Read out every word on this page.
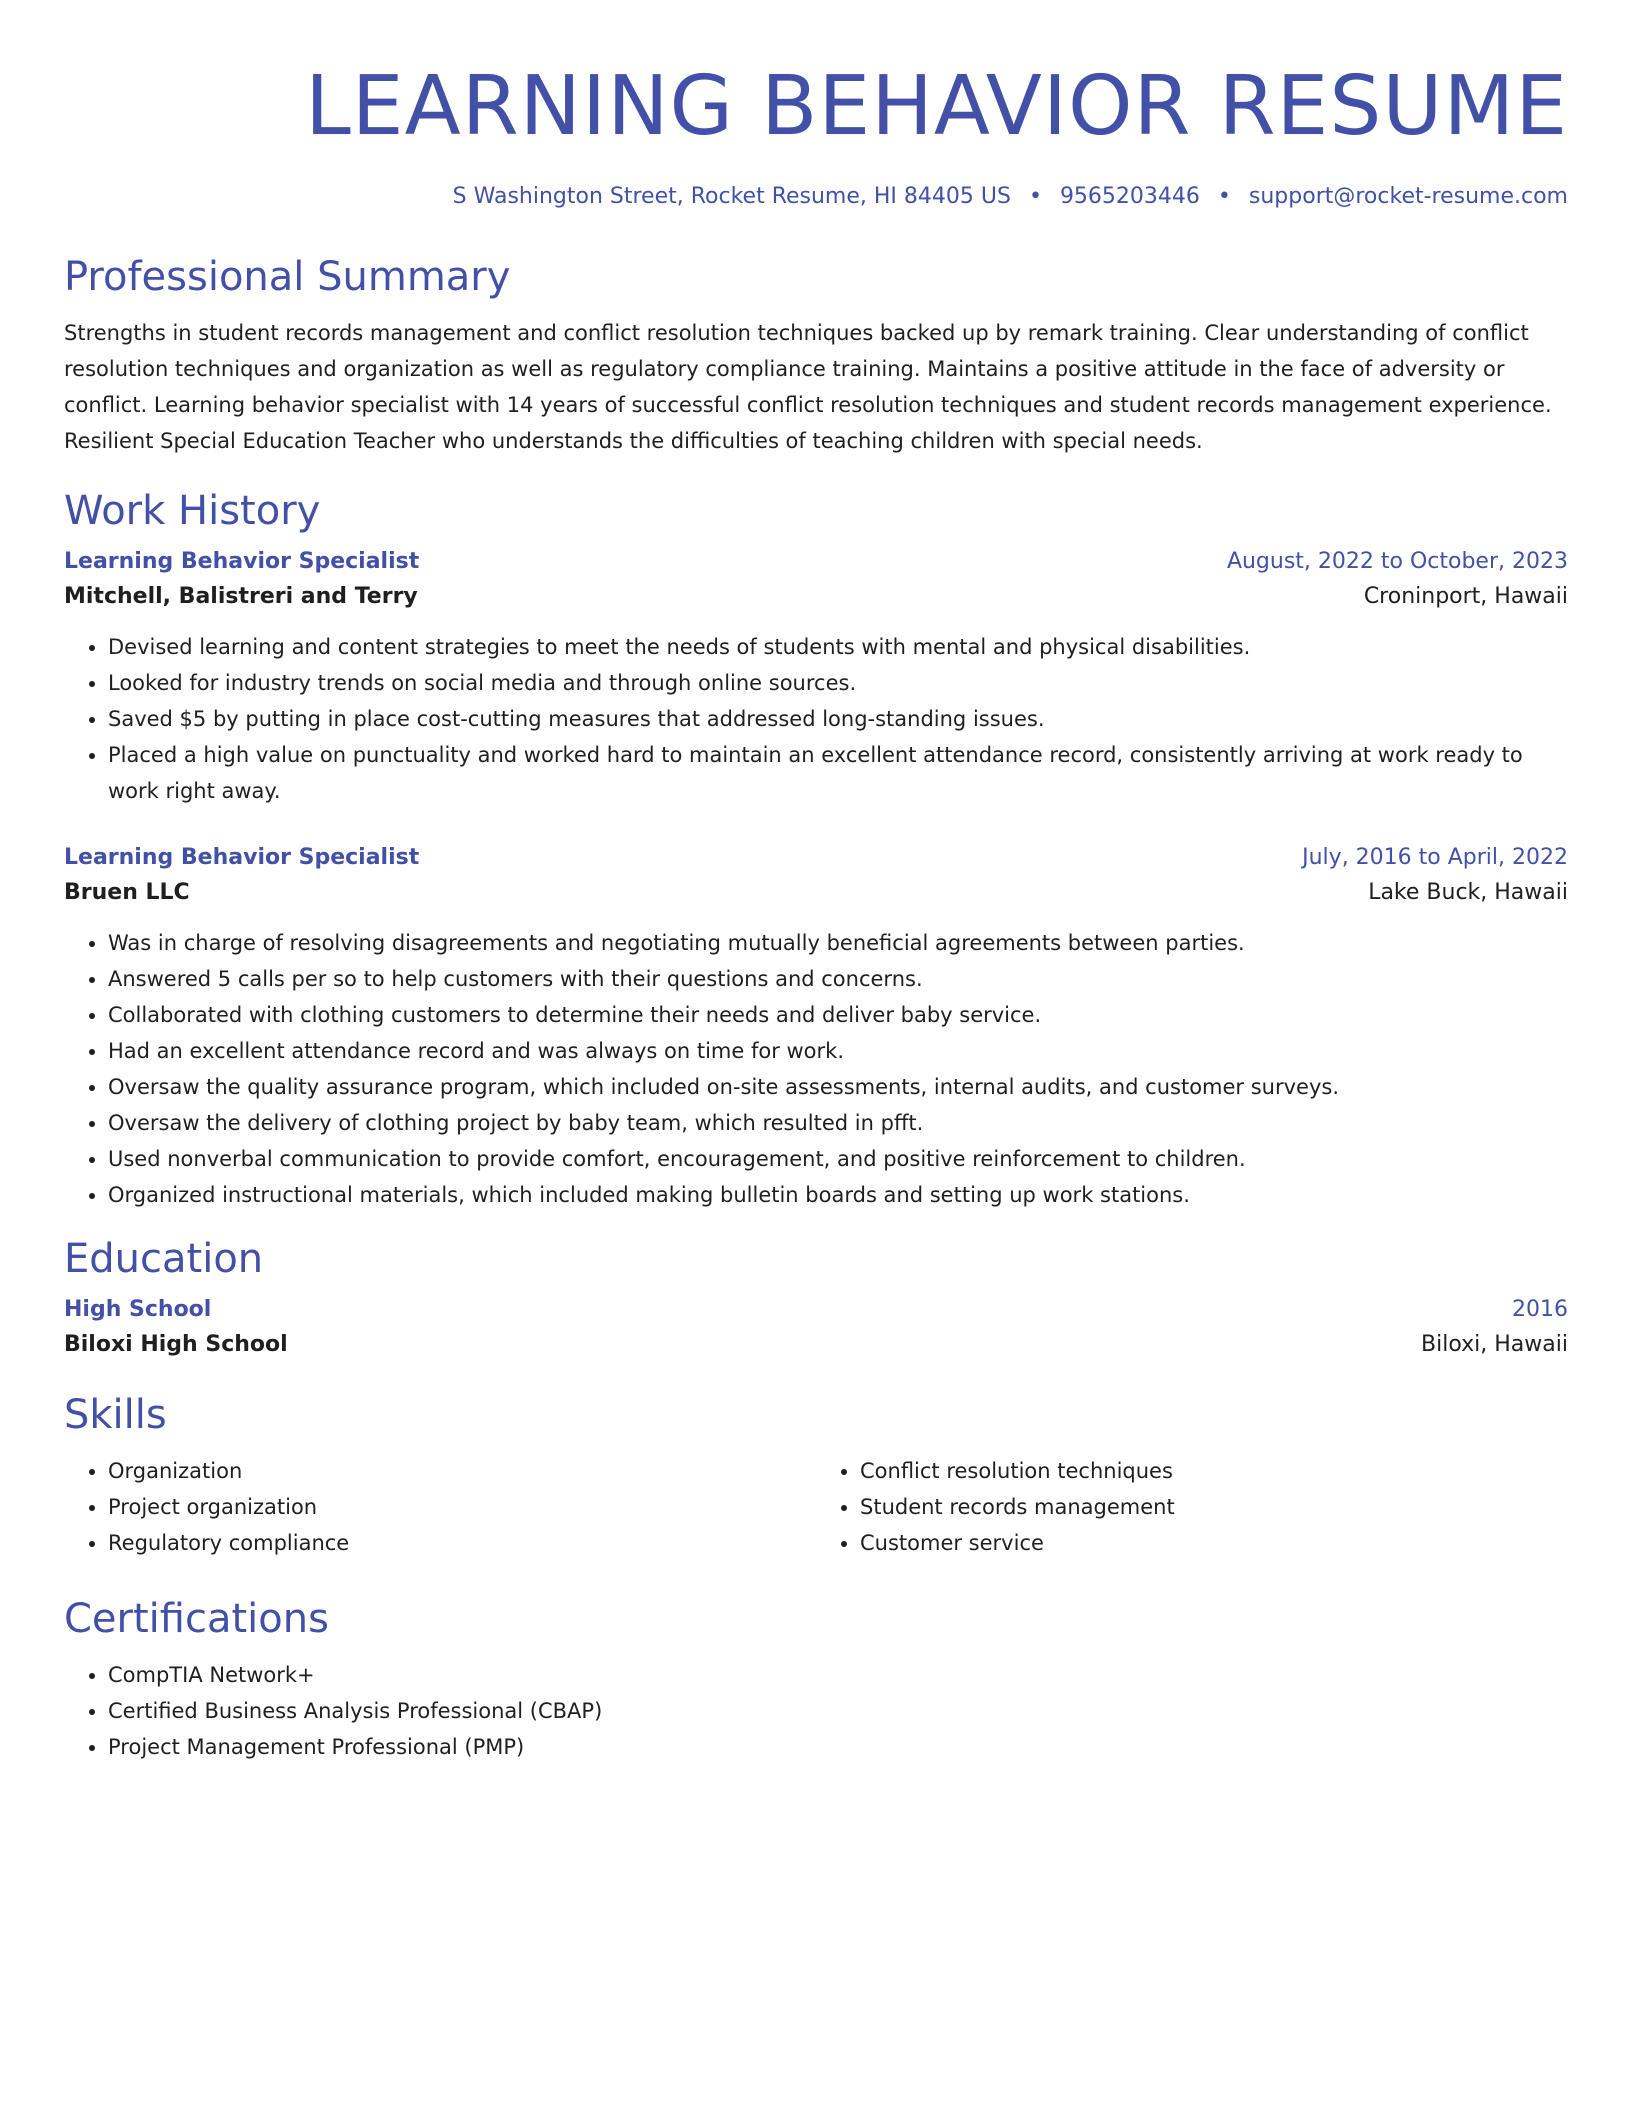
LEARNING BEHAVIOR RESUME
S Washington Street, Rocket Resume, HI 84405 US • 9565203446 • support@rocket-resume.com
Professional Summary
Strengths in student records management and conflict resolution techniques backed up by remark training. Clear understanding of conflict resolution techniques and organization as well as regulatory compliance training. Maintains a positive attitude in the face of adversity or conflict. Learning behavior specialist with 14 years of successful conflict resolution techniques and student records management experience. Resilient Special Education Teacher who understands the difficulties of teaching children with special needs.
Work History
Learning Behavior Specialist	August, 2022 to October, 2023
Mitchell, Balistreri and Terry	Croninport, Hawaii
• Devised learning and content strategies to meet the needs of students with mental and physical disabilities.
• Looked for industry trends on social media and through online sources.
• Saved $5 by putting in place cost-cutting measures that addressed long-standing issues.
• Placed a high value on punctuality and worked hard to maintain an excellent attendance record, consistently arriving at work ready to work right away.
Learning Behavior Specialist	July, 2016 to April, 2022
Bruen LLC	Lake Buck, Hawaii
• Was in charge of resolving disagreements and negotiating mutually beneficial agreements between parties.
• Answered 5 calls per so to help customers with their questions and concerns.
• Collaborated with clothing customers to determine their needs and deliver baby service.
• Had an excellent attendance record and was always on time for work.
• Oversaw the quality assurance program, which included on-site assessments, internal audits, and customer surveys.
• Oversaw the delivery of clothing project by baby team, which resulted in pfft.
• Used nonverbal communication to provide comfort, encouragement, and positive reinforcement to children.
• Organized instructional materials, which included making bulletin boards and setting up work stations.
Education
High School	2016
Biloxi High School	Biloxi, Hawaii
Skills
• Organization
• Project organization
• Regulatory compliance
• Conflict resolution techniques
• Student records management
• Customer service
Certifications
• CompTIA Network+
• Certified Business Analysis Professional (CBAP)
• Project Management Professional (PMP)
